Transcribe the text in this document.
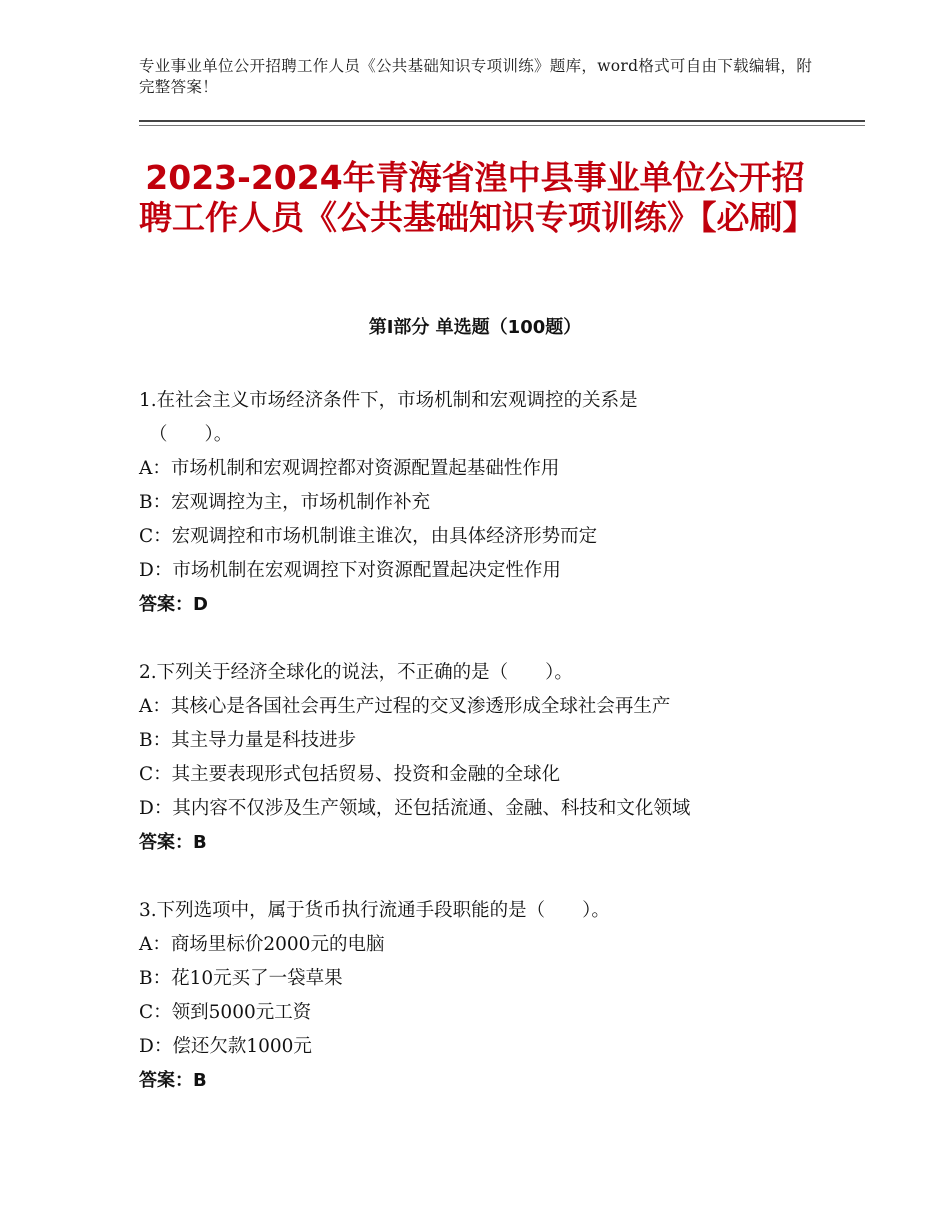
专业事业单位公开招聘工作人员《公共基础知识专项训练》题库，word格式可自由下载编辑，附完整答案！
2023-2024年青海省湟中县事业单位公开招聘工作人员《公共基础知识专项训练》【必刷】
第Ⅰ部分 单选题（100题）
1.在社会主义市场经济条件下，市场机制和宏观调控的关系是
（　　）。
A：市场机制和宏观调控都对资源配置起基础性作用
B：宏观调控为主，市场机制作补充
C：宏观调控和市场机制谁主谁次，由具体经济形势而定
D：市场机制在宏观调控下对资源配置起决定性作用
答案：D
2.下列关于经济全球化的说法，不正确的是（　　）。
A：其核心是各国社会再生产过程的交叉渗透形成全球社会再生产
B：其主导力量是科技进步
C：其主要表现形式包括贸易、投资和金融的全球化
D：其内容不仅涉及生产领域，还包括流通、金融、科技和文化领域
答案：B
3.下列选项中，属于货币执行流通手段职能的是（　　）。
A：商场里标价2000元的电脑
B：花10元买了一袋草果
C：领到5000元工资
D：偿还欠款1000元
答案：B
